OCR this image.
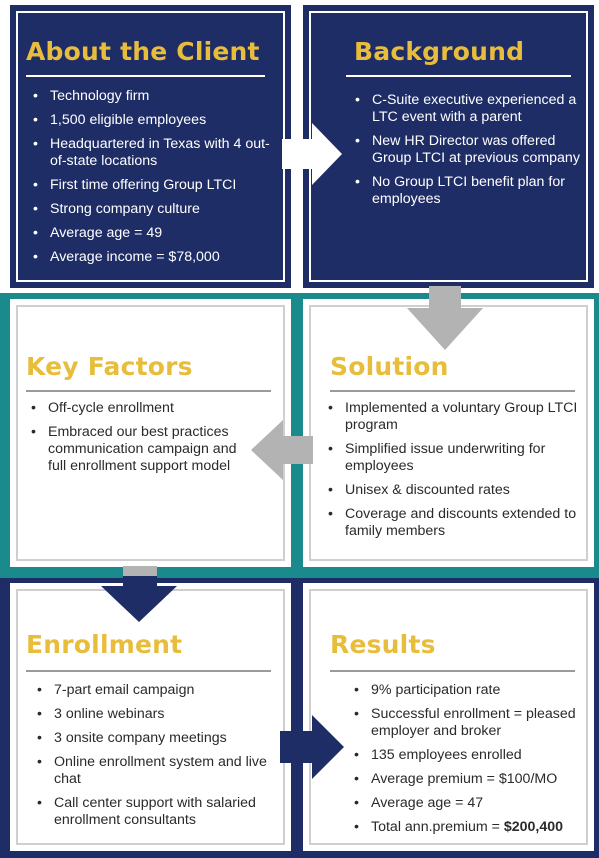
About the Client
• Technology firm
• 1,500 eligible employees
• Headquartered in Texas with 4 out-of-state locations
• First time offering Group LTCI
• Strong company culture
• Average age = 49
• Average income = $78,000
Background
• C-Suite executive experienced a LTC event with a parent
• New HR Director was offered Group LTCI at previous company
• No Group LTCI benefit plan for employees
Key Factors
• Off-cycle enrollment
• Embraced our best practices communication campaign and full enrollment support model
Solution
• Implemented a voluntary Group LTCI program
• Simplified issue underwriting for employees
• Unisex & discounted rates
• Coverage and discounts extended to family members
Enrollment
• 7-part email campaign
• 3 online webinars
• 3 onsite company meetings
• Online enrollment system and live chat
• Call center support with salaried enrollment consultants
Results
• 9% participation rate
• Successful enrollment = pleased employer and broker
• 135 employees enrolled
• Average premium = $100/MO
• Average age = 47
• Total ann.premium = $200,400
